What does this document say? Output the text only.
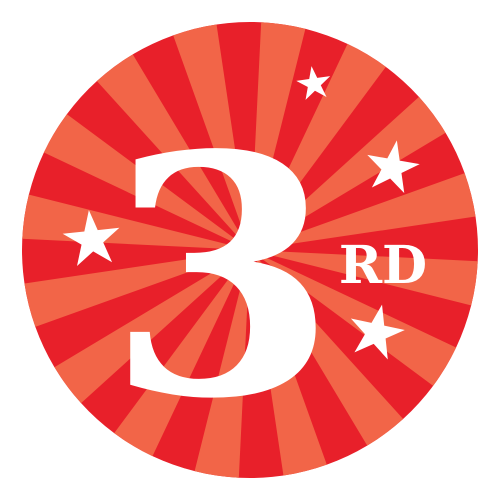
3 RD
